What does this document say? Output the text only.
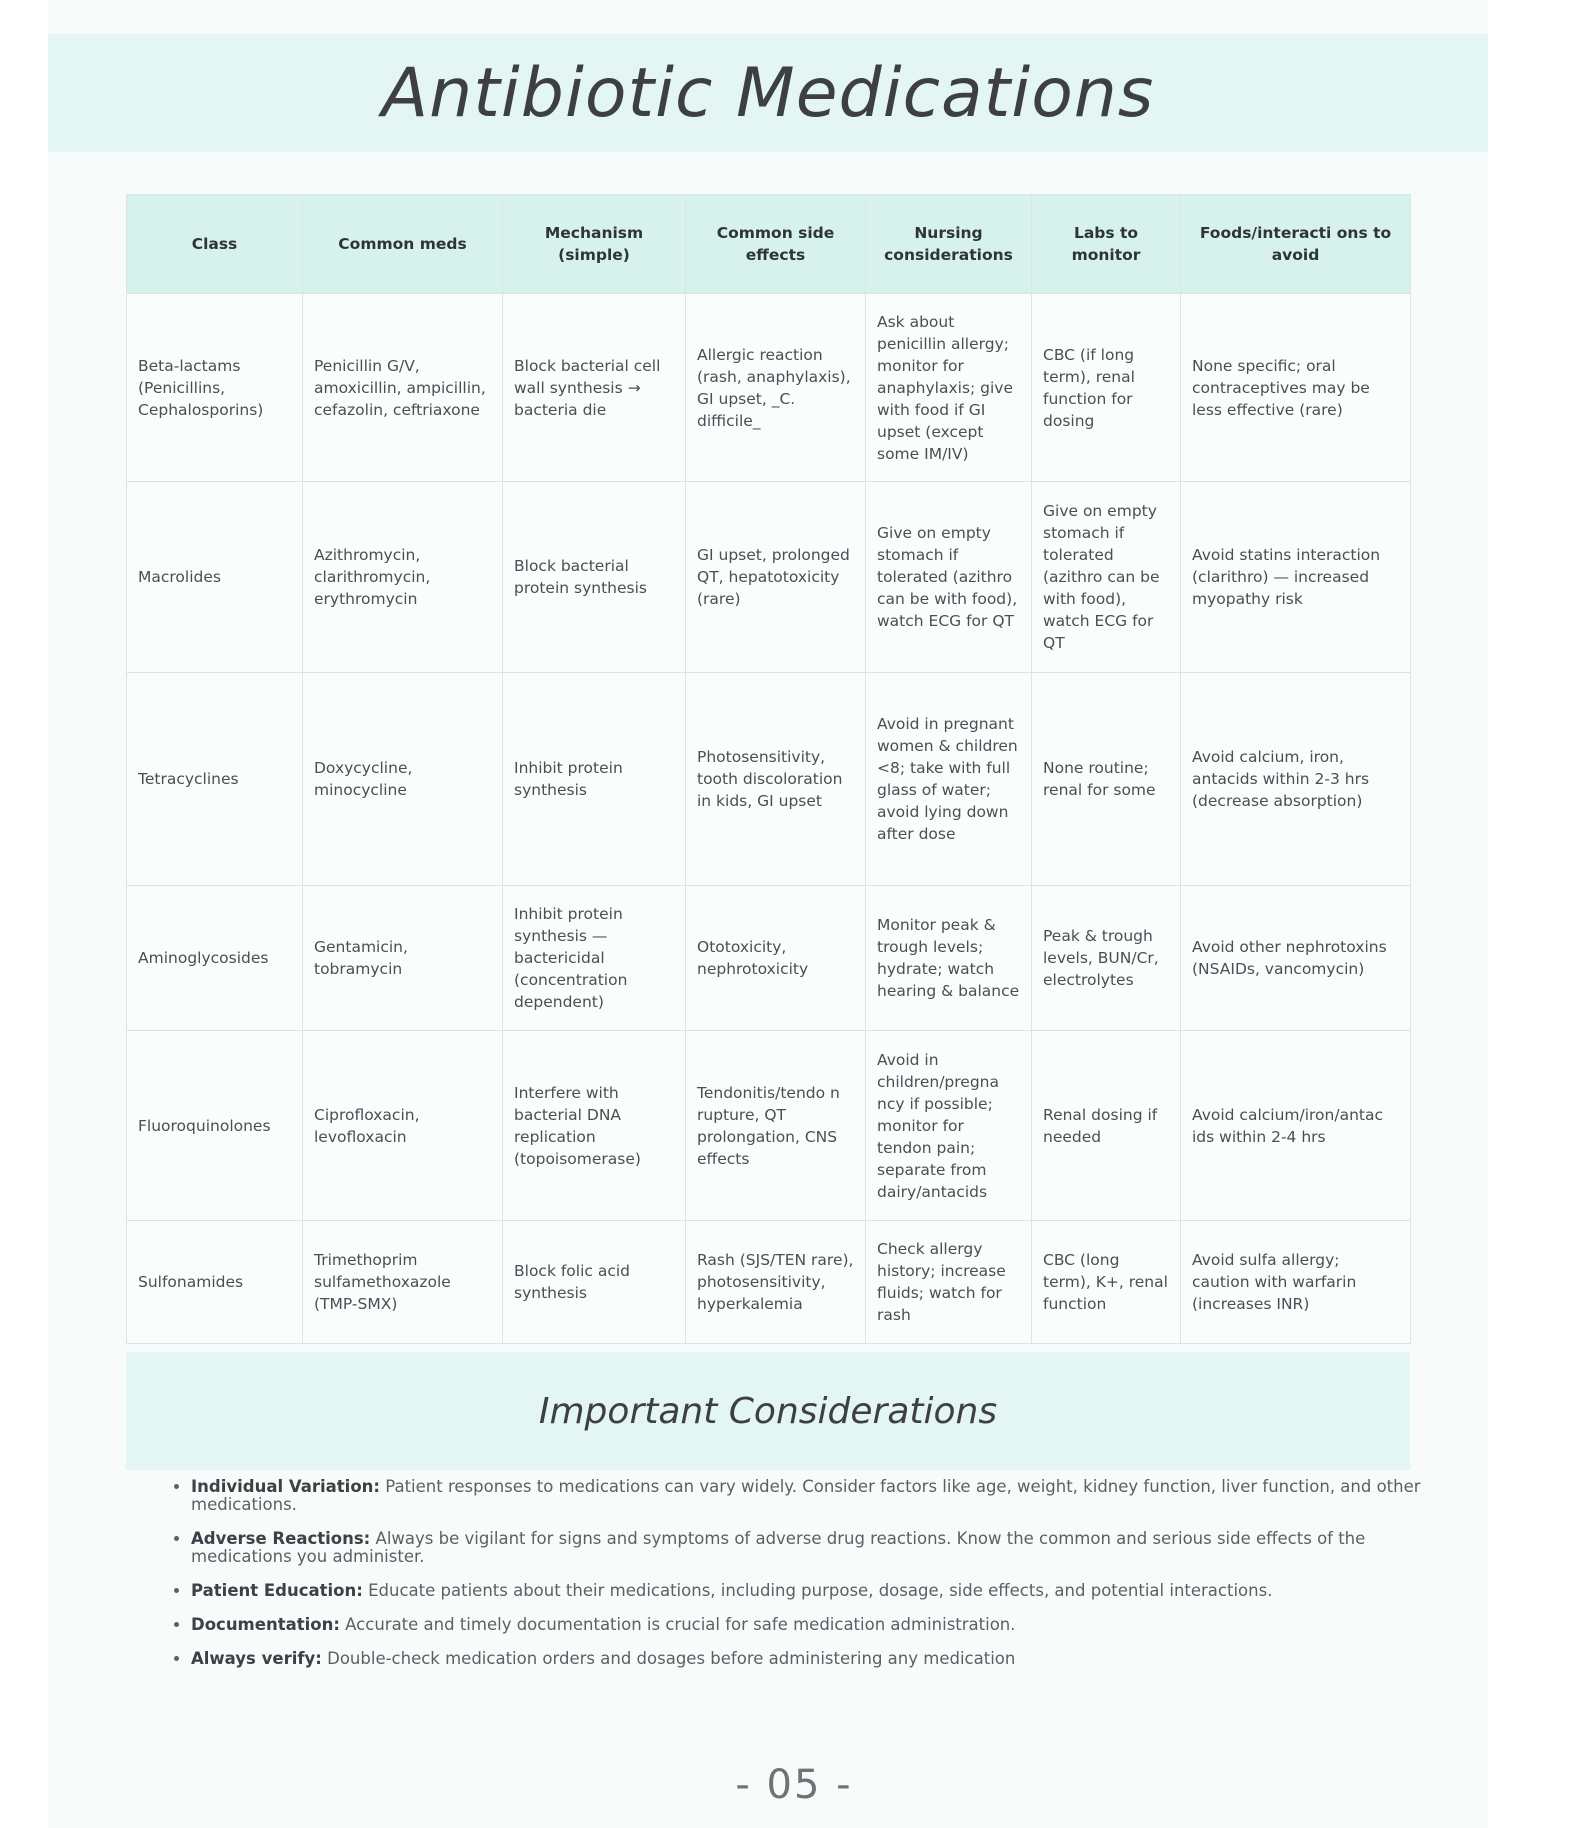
Antibiotic Medications
Class	Common meds	Mechanism (simple)	Common side effects	Nursing considerations	Labs to monitor	Foods/interacti ons to avoid
Beta-lactams (Penicillins, Cephalosporins)	Penicillin G/V, amoxicillin, ampicillin, cefazolin, ceftriaxone	Block bacterial cell wall synthesis → bacteria die	Allergic reaction (rash, anaphylaxis), GI upset, _C. difficile_	Ask about penicillin allergy; monitor for anaphylaxis; give with food if GI upset (except some IM/IV)	CBC (if long term), renal function for dosing	None specific; oral contraceptives may be less effective (rare)
Macrolides	Azithromycin, clarithromycin, erythromycin	Block bacterial protein synthesis	GI upset, prolonged QT, hepatotoxicity (rare)	Give on empty stomach if tolerated (azithro can be with food), watch ECG for QT	Give on empty stomach if tolerated (azithro can be with food), watch ECG for QT	Avoid statins interaction (clarithro) — increased myopathy risk
Tetracyclines	Doxycycline, minocycline	Inhibit protein synthesis	Photosensitivity, tooth discoloration in kids, GI upset	Avoid in pregnant women & children <8; take with full glass of water; avoid lying down after dose	None routine; renal for some	Avoid calcium, iron, antacids within 2-3 hrs (decrease absorption)
Aminoglycosides	Gentamicin, tobramycin	Inhibit protein synthesis — bactericidal (concentration dependent)	Ototoxicity, nephrotoxicity	Monitor peak & trough levels; hydrate; watch hearing & balance	Peak & trough levels, BUN/Cr, electrolytes	Avoid other nephrotoxins (NSAIDs, vancomycin)
Fluoroquinolones	Ciprofloxacin, levofloxacin	Interfere with bacterial DNA replication (topoisomerase)	Tendonitis/tendo n rupture, QT prolongation, CNS effects	Avoid in children/pregna ncy if possible; monitor for tendon pain; separate from dairy/antacids	Renal dosing if needed	Avoid calcium/iron/antac ids within 2-4 hrs
Sulfonamides	Trimethoprim sulfamethoxazole (TMP-SMX)	Block folic acid synthesis	Rash (SJS/TEN rare), photosensitivity, hyperkalemia	Check allergy history; increase fluids; watch for rash	CBC (long term), K+, renal function	Avoid sulfa allergy; caution with warfarin (increases INR)
Important Considerations
• Individual Variation: Patient responses to medications can vary widely. Consider factors like age, weight, kidney function, liver function, and other medications.
• Adverse Reactions: Always be vigilant for signs and symptoms of adverse drug reactions. Know the common and serious side effects of the medications you administer.
• Patient Education: Educate patients about their medications, including purpose, dosage, side effects, and potential interactions.
• Documentation: Accurate and timely documentation is crucial for safe medication administration.
• Always verify: Double-check medication orders and dosages before administering any medication
- 05 -
